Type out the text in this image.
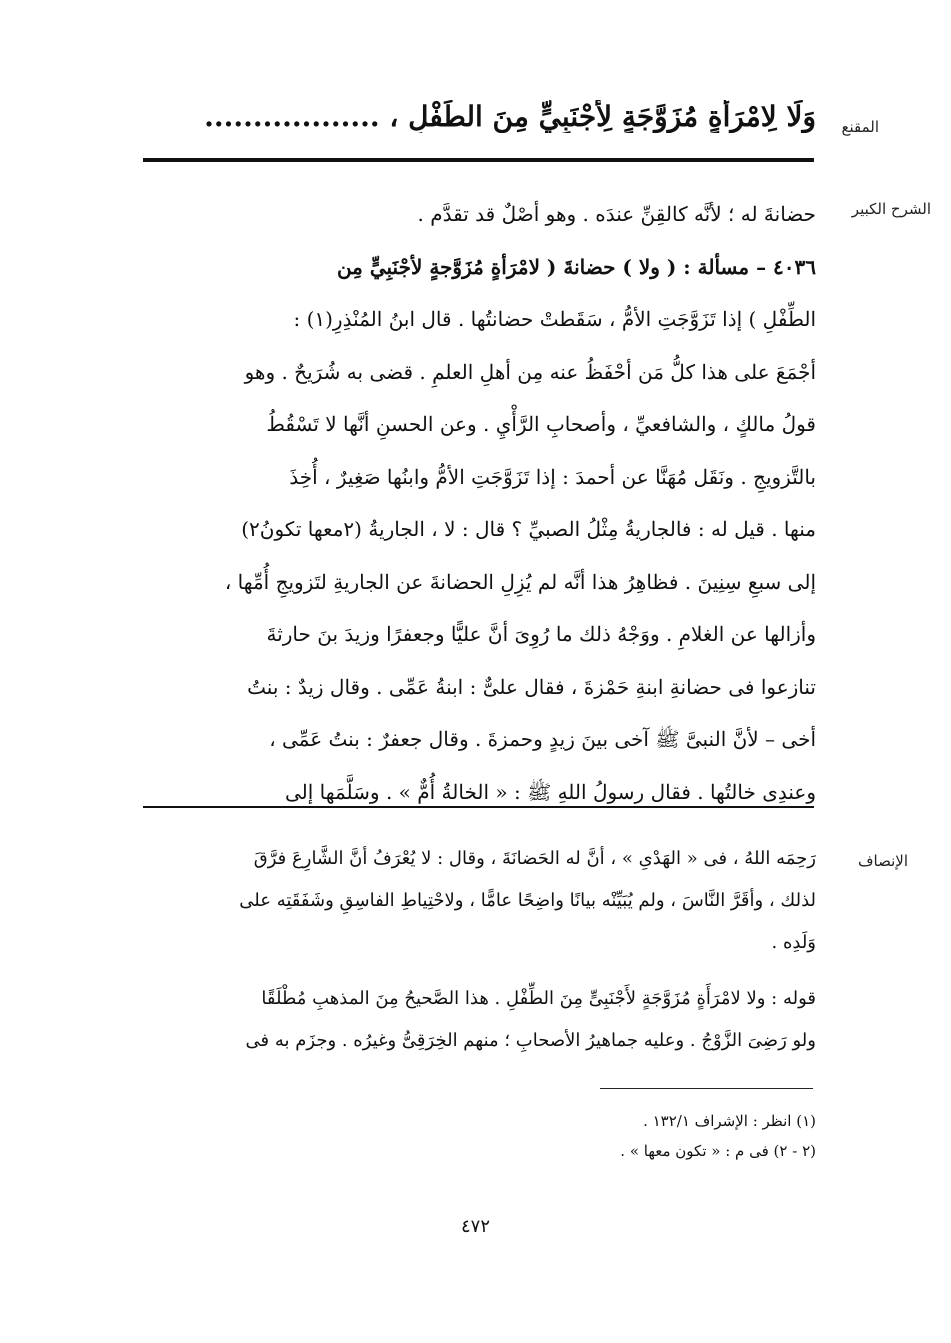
المقنع
وَلَا لِامْرَأَةٍ مُزَوَّجَةٍ لِأَجْنَبِيٍّ مِنَ الطِّفْلِ ، ..................
الشرح الكبير
حضانةَ له ؛ لأنَّه كالقِنِّ عندَه . وهو أصْلٌ قد تقدَّم .
٤٠٣٦ – مسألة : ( ولا ) حضانةَ ( لامْرَأةٍ مُزَوَّجةٍ لأجْنَبِيٍّ مِن
الطِّفْلِ ) إذا تَزَوَّجَتِ الأمُّ ، سَقَطتْ حضانتُها . قال ابنُ المُنْذِرِ(١) :
أجْمَعَ على هذا كلُّ مَن أحْفَظُ عنه مِن أهلِ العلمِ . قضى به شُرَيحٌ . وهو
قولُ مالكٍ ، والشافعيِّ ، وأصحابِ الرَّأْيِ . وعن الحسنِ أنَّها لا تَسْقُطُ
بالتَّزويجِ . ونَقَل مُهَنَّا عن أحمدَ : إذا تَزَوَّجَتِ الأمُّ وابنُها صَغِيرٌ ، أُخِذَ
منها . قيل له : فالجاريةُ مِثْلُ الصبيِّ ؟ قال : لا ، الجاريةُ (٢معها تكونُ٢)
إلى سبعِ سِنِينَ . فظاهِرُ هذا أنَّه لم يُزِلِ الحضانةَ عن الجاريةِ لتَزويجِ أُمِّها ،
وأزالها عن الغلامِ . ووَجْهُ ذلك ما رُوِىَ أنَّ عليًّا وجعفرًا وزيدَ بنَ حارثةَ
تنازعوا فى حضانةِ ابنةِ حَمْزةَ ، فقال علىٌّ : ابنةُ عَمِّى . وقال زيدٌ : بنتُ
أخى – لأنَّ النبىَّ ﷺ آخى بينَ زيدٍ وحمزةَ . وقال جعفرٌ : بنتُ عَمِّى ،
وعندِى خالتُها . فقال رسولُ اللهِ ﷺ : « الخالةُ أُمٌّ » . وسَلَّمَها إلى
الإنصاف
رَحِمَه اللهُ ، فى « الهَدْىِ » ، أنَّ له الحَضانَةَ ، وقال : لا يُعْرَفُ أنَّ الشَّارِعَ فرَّقَ
لذلك ، وأقَرَّ النَّاسَ ، ولم يُبَيِّنْه بيانًا واضِحًا عامًّا ، ولاحْتِياطِ الفاسِقِ وشَفَقَتِه على
وَلَدِه .
قوله : ولا لامْرَأَةٍ مُزَوَّجَةٍ لأَجْنَبِىٍّ مِنَ الطِّفْلِ . هذا الصَّحيحُ مِنَ المذهبِ مُطْلَقًا
ولو رَضِىَ الزَّوْجُ . وعليه جماهيرُ الأصحابِ ؛ منهم الخِرَقِىُّ وغيرُه . وجزَم به فى
(١) انظر : الإشراف ١٣٢/١ .
(٢ - ٢) فى م : « تكون معها » .
٤٧٢
